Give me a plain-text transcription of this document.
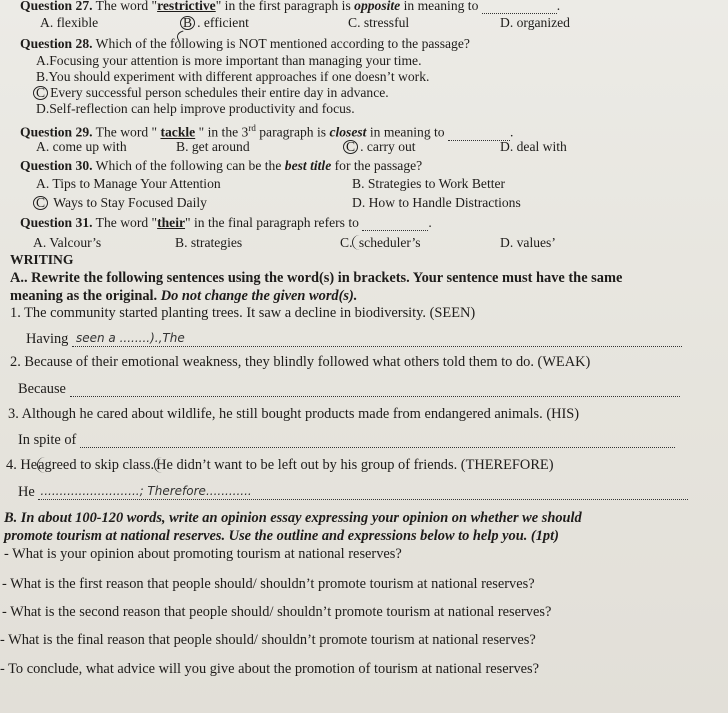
Question 27. The word "restrictive" in the first paragraph is opposite in meaning to	.
A. flexible	B . efficient	C. stressful	D. organized
Question 28. Which of the following is NOT mentioned according to the passage?
A.Focusing your attention is more important than managing your time.
B.You should experiment with different approaches if one doesn’t work.
C Every successful person schedules their entire day in advance.
D.Self-reflection can help improve productivity and focus.
Question 29. The word " tackle " in the 3rd paragraph is closest in meaning to	.
A. come up with	B. get around	C . carry out	D. deal with
Question 30. Which of the following can be the best title for the passage?
A. Tips to Manage Your Attention	B. Strategies to Work Better
C Ways to Stay Focused Daily	D. How to Handle Distractions
Question 31. The word "their" in the final paragraph refers to	.
A. Valcour’s	B. strategies	C. scheduler’s	D. values’
WRITING
A.. Rewrite the following sentences using the word(s) in brackets. Your sentence must have the same
meaning as the original. Do not change the given word(s).
1. The community started planting trees. It saw a decline in biodiversity. (SEEN)
Having seen a ........).,The
2. Because of their emotional weakness, they blindly followed what others told them to do. (WEAK)
Because
3. Although he cared about wildlife, he still bought products made from endangered animals. (HIS)
In spite of
4. Heagreed to skip class. He didn’t want to be left out by his group of friends. (THEREFORE)
He ..........................; Therefore............
B. In about 100-120 words, write an opinion essay expressing your opinion on whether we should
promote tourism at national reserves. Use the outline and expressions below to help you. (1pt)
- What is your opinion about promoting tourism at national reserves?
- What is the first reason that people should/ shouldn’t promote tourism at national reserves?
- What is the second reason that people should/ shouldn’t promote tourism at national reserves?
- What is the final reason that people should/ shouldn’t promote tourism at national reserves?
- To conclude, what advice will you give about the promotion of tourism at national reserves?
